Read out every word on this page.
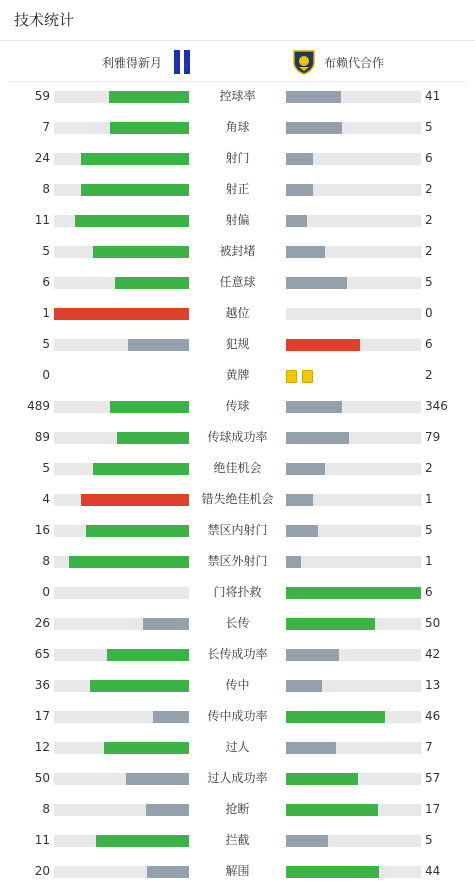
技术统计
利雅得新月	布赖代合作
59	控球率	41
7	角球	5
24	射门	6
8	射正	2
11	射偏	2
5	被封堵	2
6	任意球	5
1	越位	0
5	犯规	6
0	黄牌	2
489	传球	346
89	传球成功率	79
5	绝佳机会	2
4	错失绝佳机会	1
16	禁区内射门	5
8	禁区外射门	1
0	门将扑救	6
26	长传	50
65	长传成功率	42
36	传中	13
17	传中成功率	46
12	过人	7
50	过人成功率	57
8	抢断	17
11	拦截	5
20	解围	44
